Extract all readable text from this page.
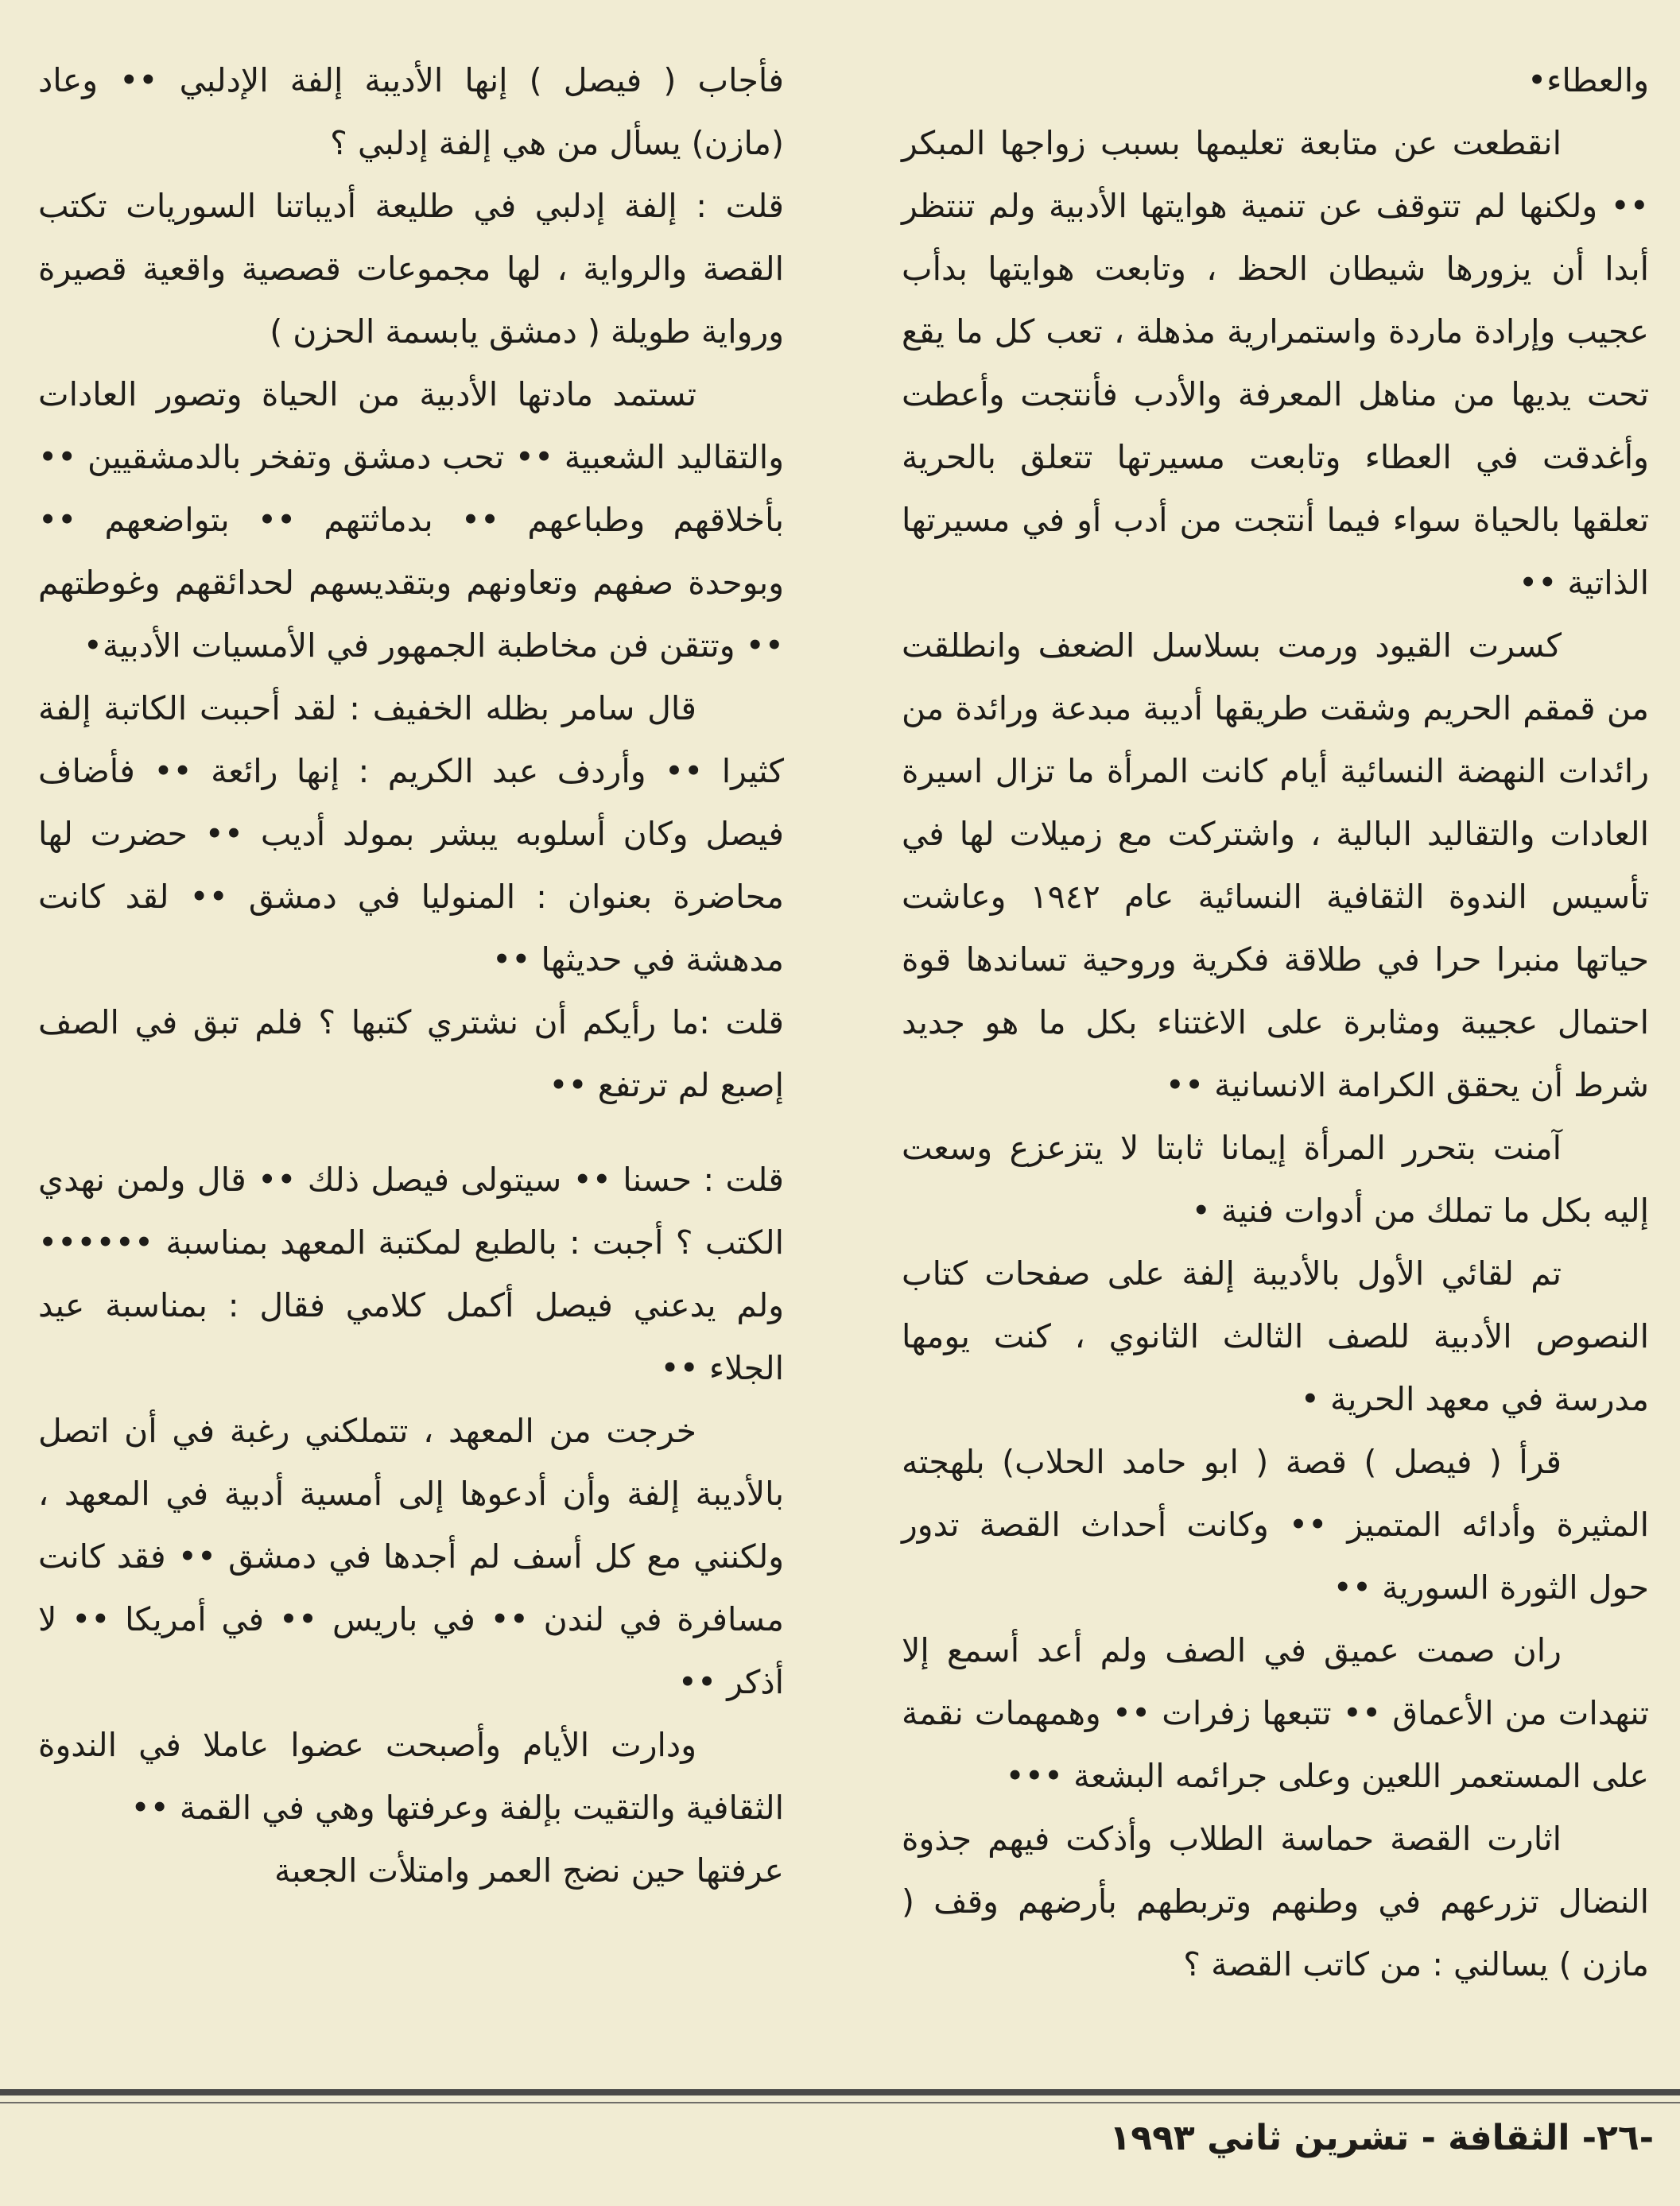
والعطاء•

انقطعت عن متابعة تعليمها بسبب زواجها المبكر •• ولكنها لم تتوقف عن تنمية هوايتها الأدبية ولم تنتظر أبدا أن يزورها شيطان الحظ ، وتابعت هوايتها بدأب عجيب وإرادة ماردة واستمرارية مذهلة ، تعب كل ما يقع تحت يديها من مناهل المعرفة والأدب فأنتجت وأعطت وأغدقت في العطاء وتابعت مسيرتها تتعلق بالحرية تعلقها بالحياة سواء فيما أنتجت من أدب أو في مسيرتها الذاتية ••

كسرت القيود ورمت بسلاسل الضعف وانطلقت من قمقم الحريم وشقت طريقها أديبة مبدعة ورائدة من رائدات النهضة النسائية أيام كانت المرأة ما تزال اسيرة العادات والتقاليد البالية ، واشتركت مع زميلات لها في تأسيس الندوة الثقافية النسائية عام ١٩٤٢ وعاشت حياتها منبرا حرا في طلاقة فكرية وروحية تساندها قوة احتمال عجيبة ومثابرة على الاغتناء بكل ما هو جديد شرط أن يحقق الكرامة الانسانية ••

آمنت بتحرر المرأة إيمانا ثابتا لا يتزعزع وسعت إليه بكل ما تملك من أدوات فنية •

تم لقائي الأول بالأديبة إلفة على صفحات كتاب النصوص الأدبية للصف الثالث الثانوي ، كنت يومها مدرسة في معهد الحرية •

قرأ ( فيصل ) قصة ( ابو حامد الحلاب) بلهجته المثيرة وأدائه المتميز •• وكانت أحداث القصة تدور حول الثورة السورية ••

ران صمت عميق في الصف ولم أعد أسمع إلا تنهدات من الأعماق •• تتبعها زفرات •• وهمهمات نقمة على المستعمر اللعين وعلى جرائمه البشعة •••

اثارت القصة حماسة الطلاب وأذكت فيهم جذوة النضال تزرعهم في وطنهم وتربطهم بأرضهم وقف ( مازن ) يسالني : من كاتب القصة ؟

فأجاب ( فيصل ) إنها الأديبة إلفة الإدلبي •• وعاد (مازن) يسأل من هي إلفة إدلبي ؟

قلت : إلفة إدلبي في طليعة أديباتنا السوريات تكتب القصة والرواية ، لها مجموعات قصصية واقعية قصيرة ورواية طويلة ( دمشق يابسمة الحزن )

تستمد مادتها الأدبية من الحياة وتصور العادات والتقاليد الشعبية •• تحب دمشق وتفخر بالدمشقيين •• بأخلاقهم وطباعهم •• بدماثتهم •• بتواضعهم •• وبوحدة صفهم وتعاونهم وبتقديسهم لحدائقهم وغوطتهم •• وتتقن فن مخاطبة الجمهور في الأمسيات الأدبية•

قال سامر بظله الخفيف : لقد أحببت الكاتبة إلفة كثيرا •• وأردف عبد الكريم : إنها رائعة •• فأضاف فيصل وكان أسلوبه يبشر بمولد أديب •• حضرت لها محاضرة بعنوان : المنوليا في دمشق •• لقد كانت مدهشة في حديثها ••

قلت :ما رأيكم أن نشتري كتبها ؟ فلم تبق في الصف إصبع لم ترتفع ••

قلت : حسنا •• سيتولى فيصل ذلك •• قال ولمن نهدي الكتب ؟ أجبت : بالطبع لمكتبة المعهد بمناسبة •••••• ولم يدعني فيصل أكمل كلامي فقال : بمناسبة عيد الجلاء ••

خرجت من المعهد ، تتملكني رغبة في أن اتصل بالأديبة إلفة وأن أدعوها إلى أمسية أدبية في المعهد ، ولكنني مع كل أسف لم أجدها في دمشق •• فقد كانت مسافرة في لندن •• في باريس •• في أمريكا •• لا أذكر ••

ودارت الأيام وأصبحت عضوا عاملا في الندوة الثقافية والتقيت بإلفة وعرفتها وهي في القمة ••

عرفتها حين نضج العمر وامتلأت الجعبة

-٢٦- الثقافة - تشرين ثاني ١٩٩٣
